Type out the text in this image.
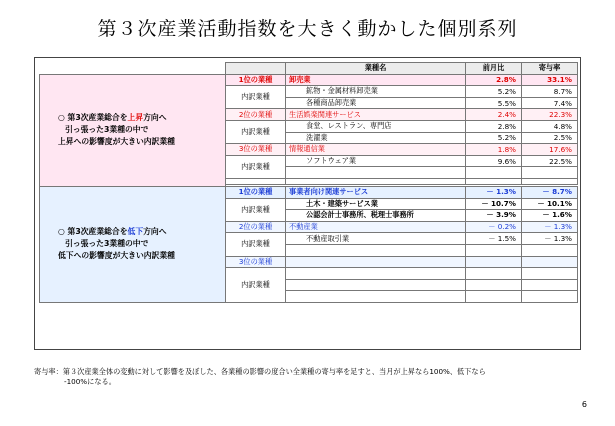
第３次産業活動指数を大きく動かした個別系列
		業種名	前月比	寄与率

○ 第3次産業総合を上昇方向へ
引っ張った3業種の中で
上昇への影響度が大きい内訳業種	1位の業種	卸売業	2.8%	33.1%
	内訳業種	鉱物・金属材料卸売業	5.2%	8.7%
		各種商品卸売業	5.5%	7.4%
	2位の業種	生活娯楽関連サービス	2.4%	22.3%
	内訳業種	食堂、レストラン、専門店	2.8%	4.8%
		洗濯業	5.2%	2.5%
	3位の業種	情報通信業	1.8%	17.6%
	内訳業種	ソフトウェア業	9.6%	22.5%

○ 第3次産業総合を低下方向へ
引っ張った3業種の中で
低下への影響度が大きい内訳業種	1位の業種	事業者向け関連サービス	－ 1.3%	－ 8.7%
	内訳業種	土木・建築サービス業	－ 10.7%	－ 10.1%
		公認会計士事務所、税理士事務所	－ 3.9%	－ 1.6%
	2位の業種	不動産業	－ 0.2%	－ 1.3%
	内訳業種	不動産取引業	－ 1.5%	－ 1.3%

	3位の業種			
	内訳業種			

寄与率：第３次産業全体の変動に対して影響を及ぼした、各業種の影響の度合い全業種の寄与率を足すと、当月が上昇なら100%、低下なら
-100%になる。
6
